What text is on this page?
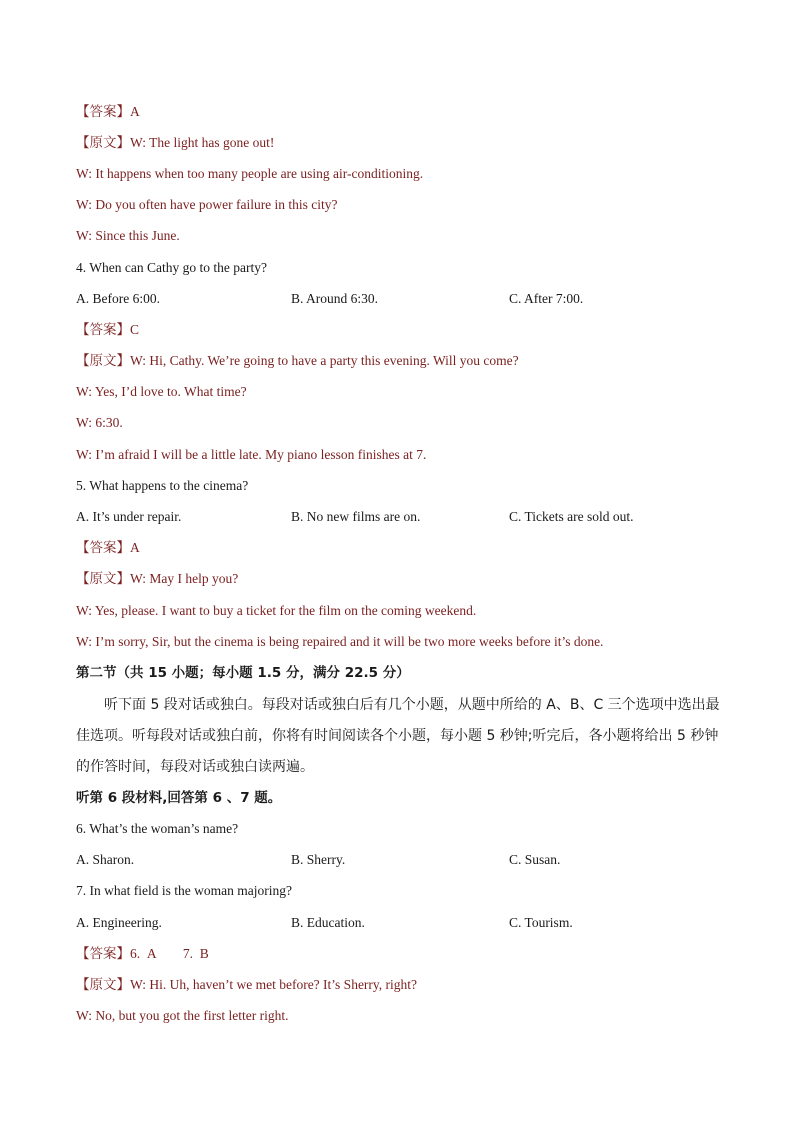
【答案】A
【原文】W: The light has gone out!
W: It happens when too many people are using air-conditioning.
W: Do you often have power failure in this city?
W: Since this June.
4. When can Cathy go to the party?
A. Before 6:00.	B. Around 6:30.	C. After 7:00.
【答案】C
【原文】W: Hi, Cathy. We’re going to have a party this evening. Will you come?
W: Yes, I’d love to. What time?
W: 6:30.
W: I’m afraid I will be a little late. My piano lesson finishes at 7.
5. What happens to the cinema?
A. It’s under repair.	B. No new films are on.	C. Tickets are sold out.
【答案】A
【原文】W: May I help you?
W: Yes, please. I want to buy a ticket for the film on the coming weekend.
W: I’m sorry, Sir, but the cinema is being repaired and it will be two more weeks before it’s done.
第二节（共 15 小题；每小题 1.5 分，满分 22.5 分）
听下面 5 段对话或独白。每段对话或独白后有几个小题，从题中所给的 A、B、C 三个选项中选出最佳选项。听每段对话或独白前，你将有时间阅读各个小题，每小题 5 秒钟;听完后，各小题将给出 5 秒钟的作答时间，每段对话或独白读两遍。
听第 6 段材料,回答第 6 、7 题。
6. What’s the woman’s name?
A. Sharon.	B. Sherry.	C. Susan.
7. In what field is the woman majoring?
A. Engineering.	B. Education.	C. Tourism.
【答案】6.  A        7.  B
【原文】W: Hi. Uh, haven’t we met before? It’s Sherry, right?
W: No, but you got the first letter right.
